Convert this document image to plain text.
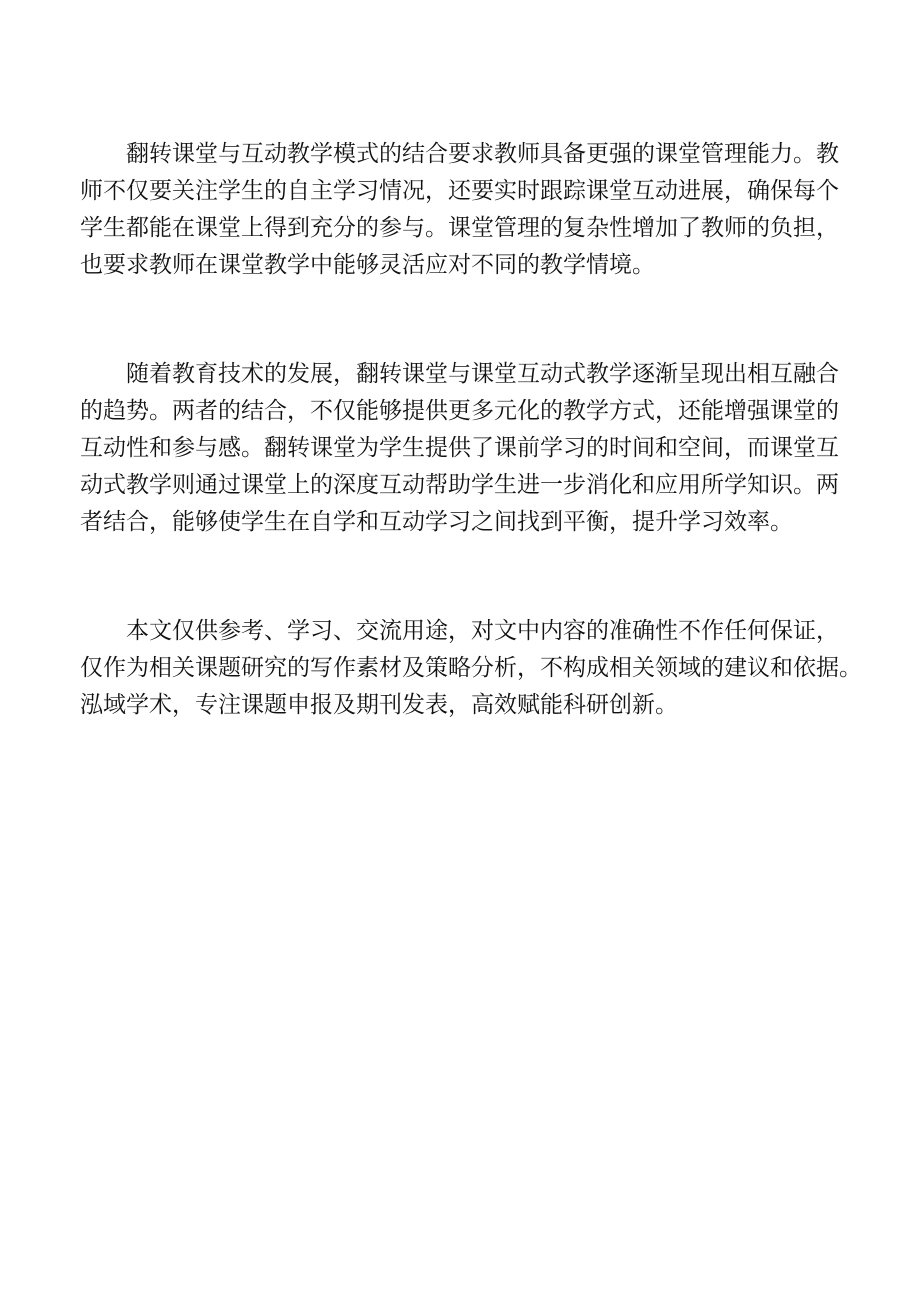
翻转课堂与互动教学模式的结合要求教师具备更强的课堂管理能力。教
师不仅要关注学生的自主学习情况，还要实时跟踪课堂互动进展，确保每个
学生都能在课堂上得到充分的参与。课堂管理的复杂性增加了教师的负担，
也要求教师在课堂教学中能够灵活应对不同的教学情境。
随着教育技术的发展，翻转课堂与课堂互动式教学逐渐呈现出相互融合
的趋势。两者的结合，不仅能够提供更多元化的教学方式，还能增强课堂的
互动性和参与感。翻转课堂为学生提供了课前学习的时间和空间，而课堂互
动式教学则通过课堂上的深度互动帮助学生进一步消化和应用所学知识。两
者结合，能够使学生在自学和互动学习之间找到平衡，提升学习效率。
本文仅供参考、学习、交流用途，对文中内容的准确性不作任何保证，
仅作为相关课题研究的写作素材及策略分析，不构成相关领域的建议和依据。
泓域学术，专注课题申报及期刊发表，高效赋能科研创新。
